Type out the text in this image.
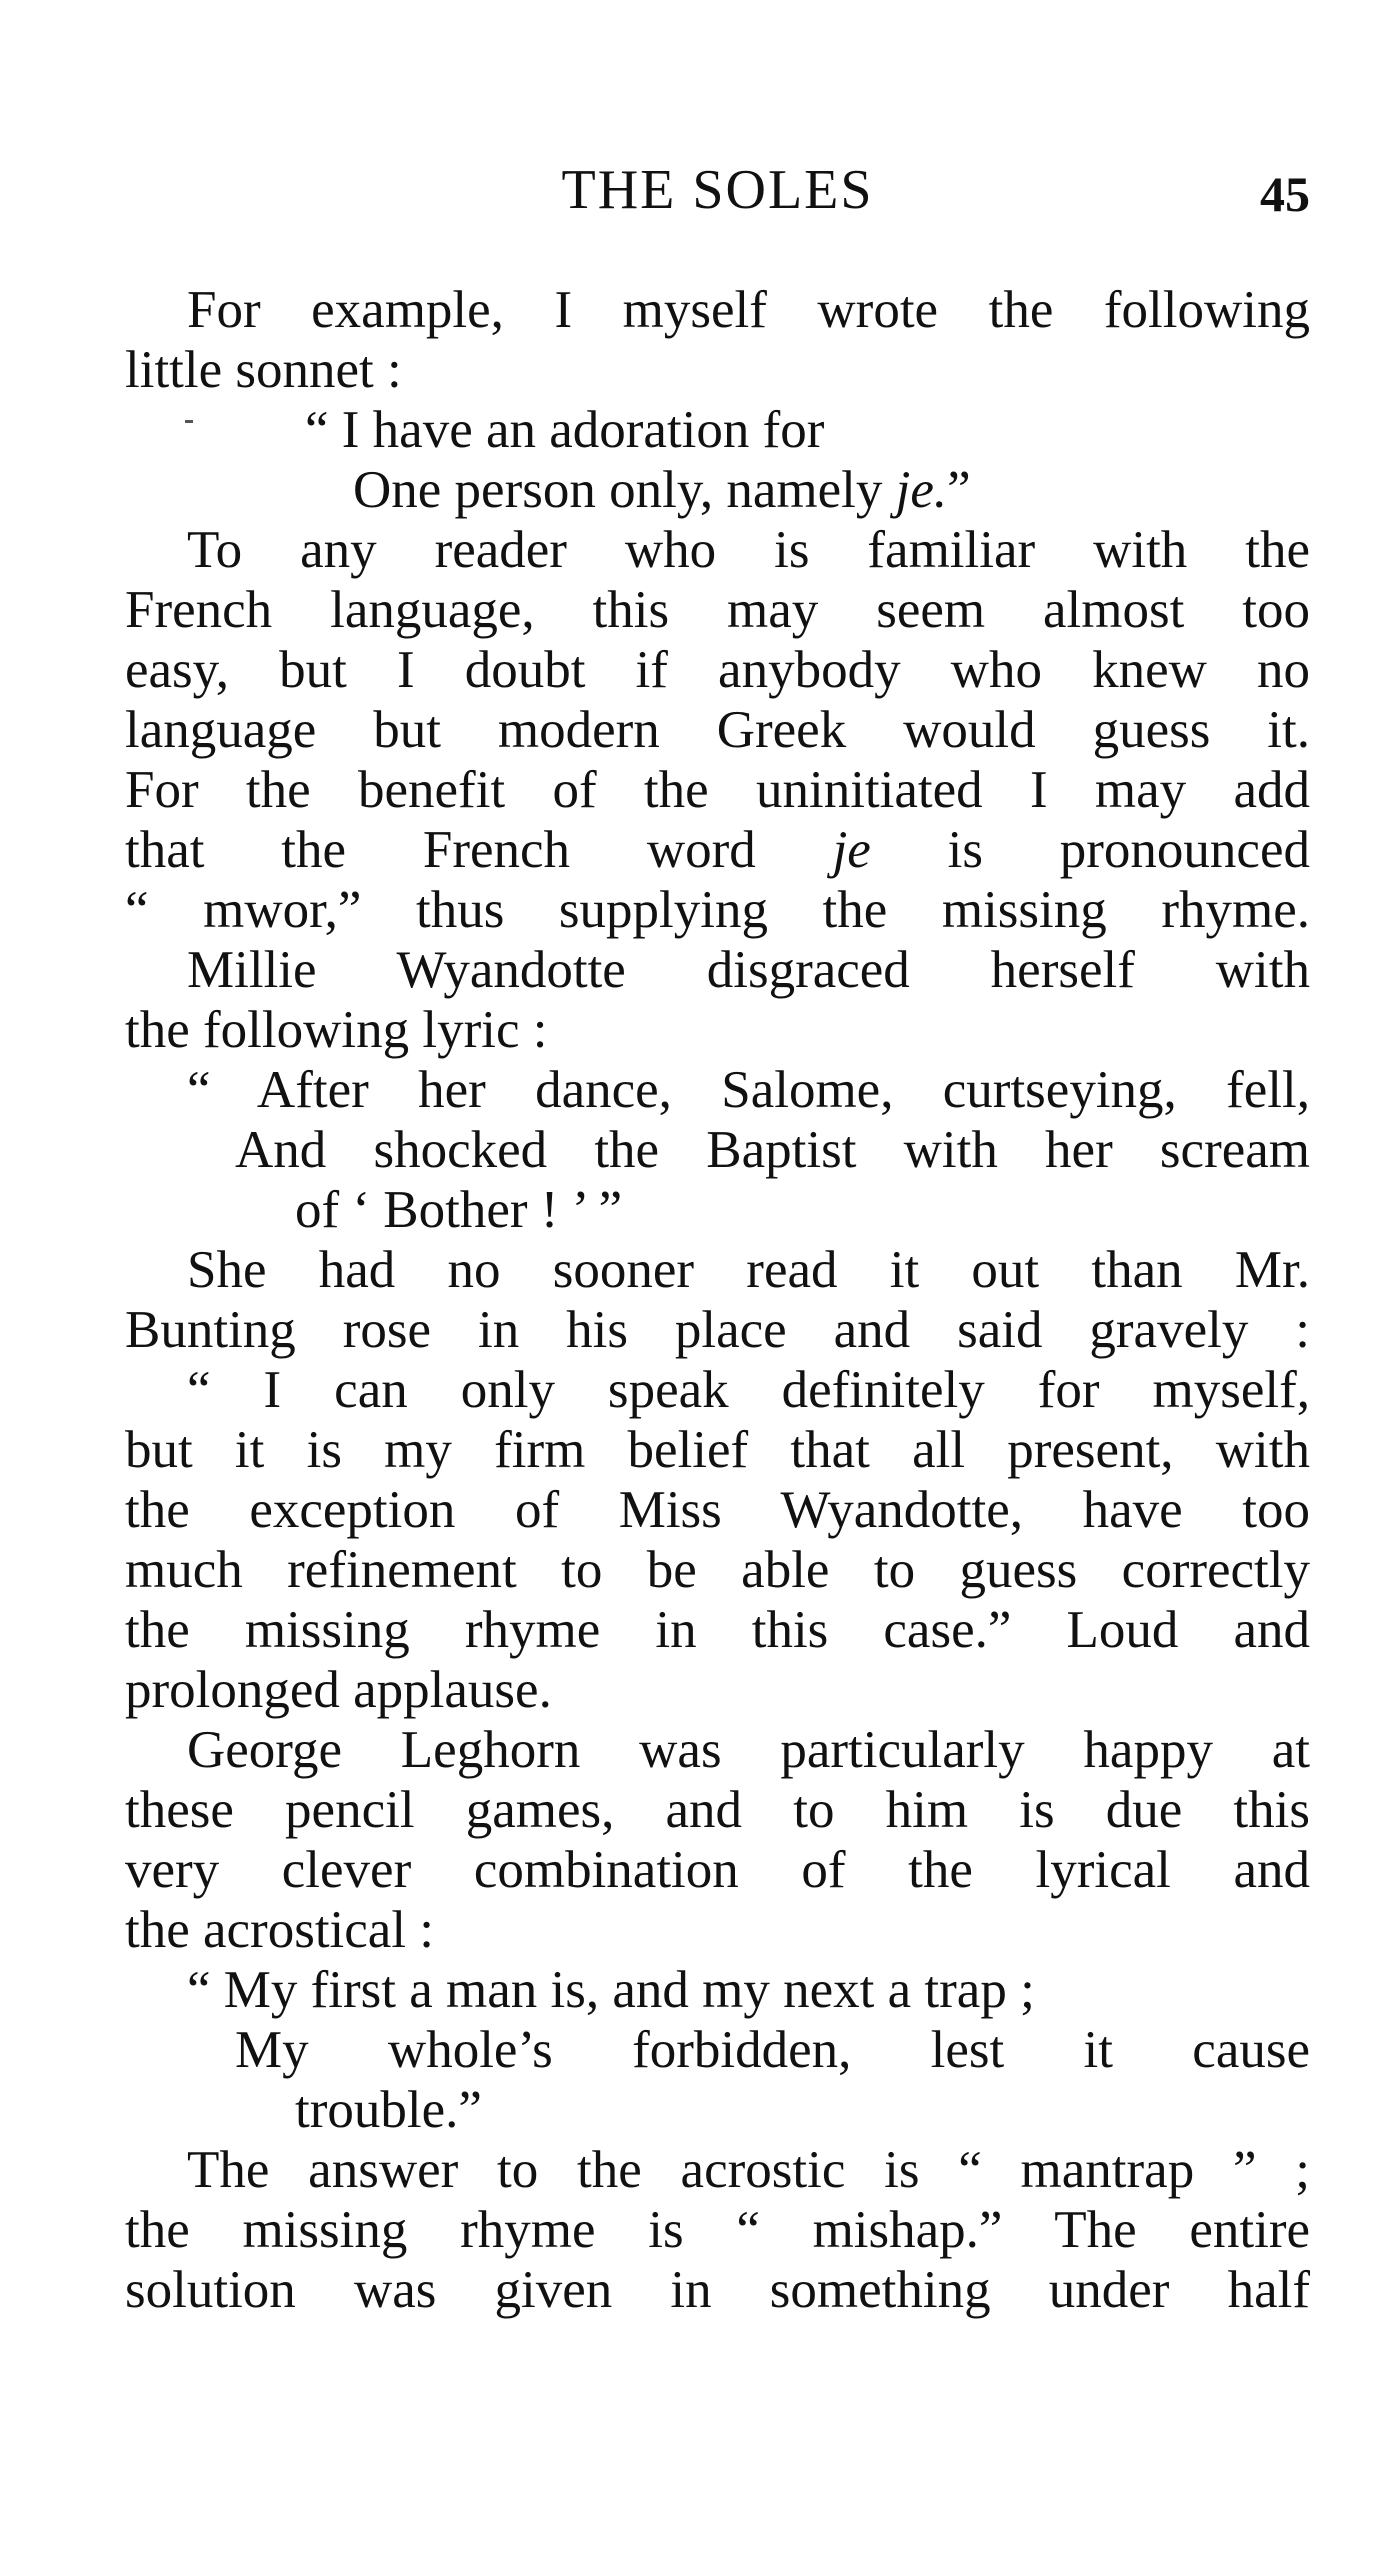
THE SOLES	45
For example, I myself wrote the following
little sonnet :
“ I have an adoration for
One person only, namely je.”
To any reader who is familiar with the
French language, this may seem almost too
easy, but I doubt if anybody who knew no
language but modern Greek would guess it.
For the benefit of the uninitiated I may add
that the French word je is pronounced
“ mwor,” thus supplying the missing rhyme.
Millie Wyandotte disgraced herself with
the following lyric :
“ After her dance, Salome, curtseying, fell,
And shocked the Baptist with her scream
of ‘ Bother ! ’ ”
She had no sooner read it out than Mr.
Bunting rose in his place and said gravely :
“ I can only speak definitely for myself,
but it is my firm belief that all present, with
the exception of Miss Wyandotte, have too
much refinement to be able to guess correctly
the missing rhyme in this case.” Loud and
prolonged applause.
George Leghorn was particularly happy at
these pencil games, and to him is due this
very clever combination of the lyrical and
the acrostical :
“ My first a man is, and my next a trap ;
My whole’s forbidden, lest it cause
trouble.”
The answer to the acrostic is “ mantrap ” ;
the missing rhyme is “ mishap.” The entire
solution was given in something under half
